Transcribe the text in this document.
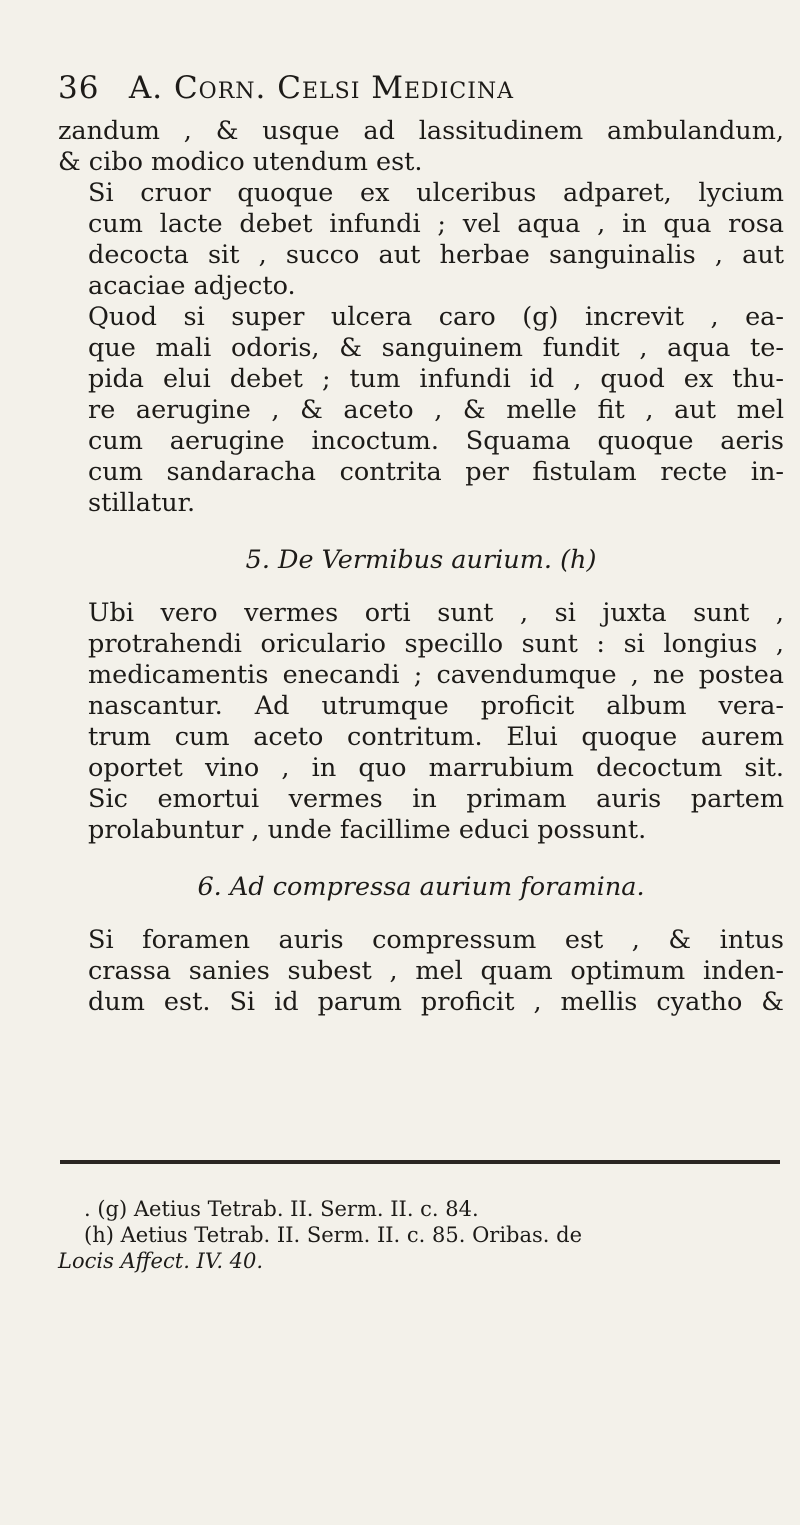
36 A. Corn. Celsi Medicina

zandum , & usque ad lassitudinem ambulandum,
& cibo modico utendum est.

Si cruor quoque ex ulceribus adparet, lycium
cum lacte debet infundi ; vel aqua , in qua rosa
decocta sit , succo aut herbae sanguinalis , aut
acaciae adjecto.

Quod si super ulcera caro (g) increvit , ea-
que mali odoris, & sanguinem fundit , aqua te-
pida elui debet ; tum infundi id , quod ex thu-
re aerugine , & aceto , & melle fit , aut mel
cum aerugine incoctum. Squama quoque aeris
cum sandaracha contrita per fistulam recte in-
stillatur.

5. De Vermibus aurium. (h)

Ubi vero vermes orti sunt , si juxta sunt ,
protrahendi oriculario specillo sunt : si longius ,
medicamentis enecandi ; cavendumque , ne postea
nascantur. Ad utrumque proficit album vera-
trum cum aceto contritum. Elui quoque aurem
oportet vino , in quo marrubium decoctum sit.
Sic emortui vermes in primam auris partem
prolabuntur , unde facillime educi possunt.

6. Ad compressa aurium foramina.

Si foramen auris compressum est , & intus
crassa sanies subest , mel quam optimum inden-
dum est. Si id parum proficit , mellis cyatho &

. (g) Aetius Tetrab. II. Serm. II. c. 84.

(h) Aetius Tetrab. II. Serm. II. c. 85. Oribas. de

Locis Affect. IV. 40.
